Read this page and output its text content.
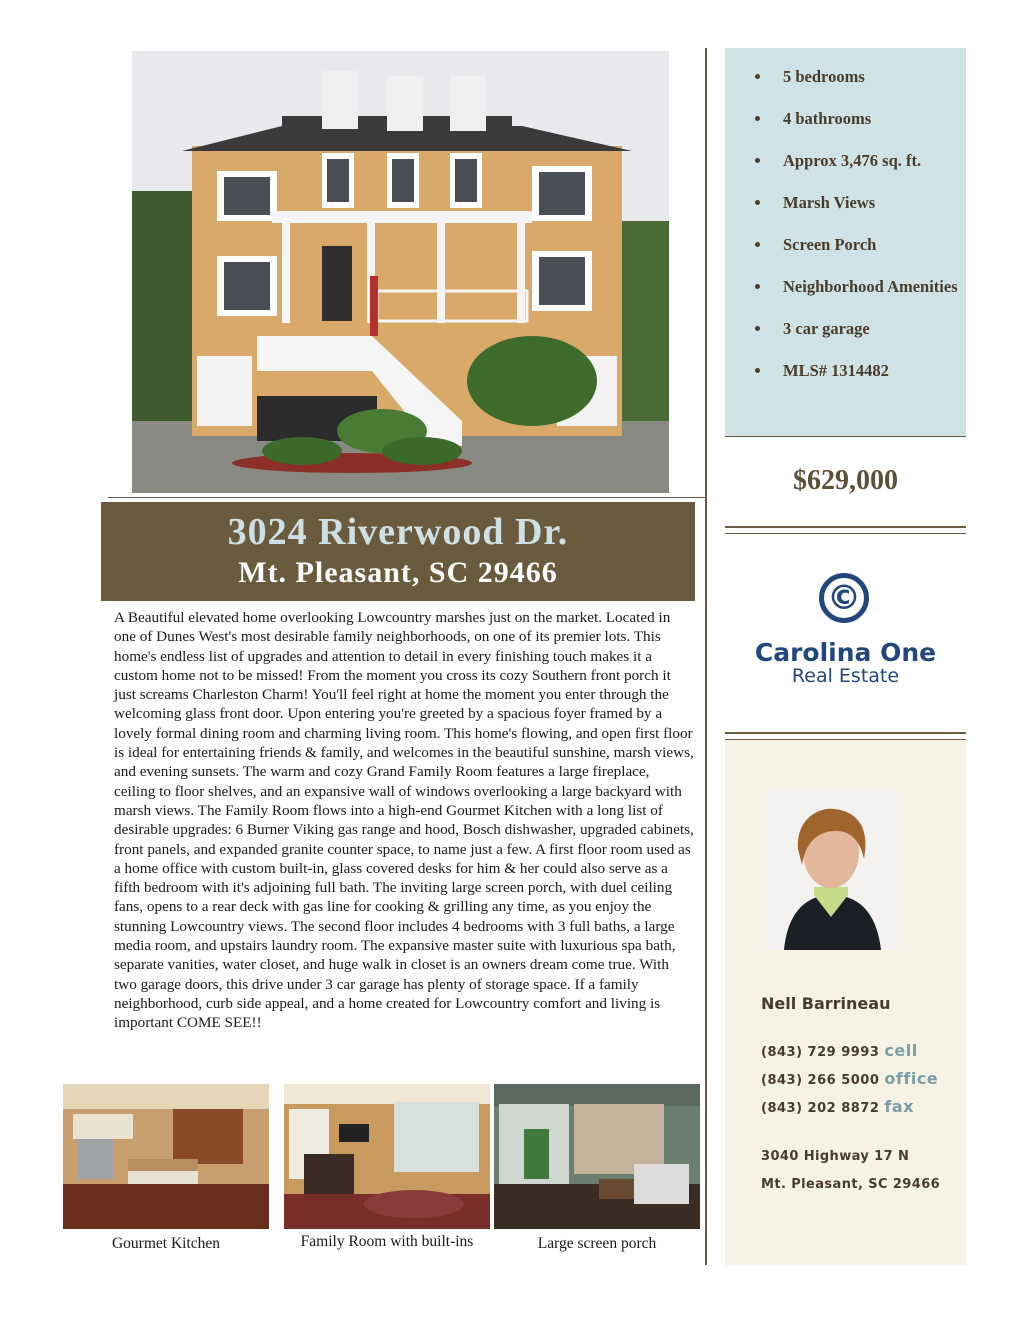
3024 Riverwood Dr.
Mt. Pleasant, SC 29466
A Beautiful elevated home overlooking Lowcountry marshes just on the market. Located in one of Dunes West's most desirable family neighborhoods, on one of its premier lots. This home's endless list of upgrades and attention to detail in every finishing touch makes it a custom home not to be missed! From the moment you cross its cozy Southern front porch it just screams Charleston Charm! You'll feel right at home the moment you enter through the welcoming glass front door. Upon entering you're greeted by a spacious foyer framed by a lovely formal dining room and charming living room. This home's flowing, and open first floor is ideal for entertaining friends & family, and welcomes in the beautiful sunshine, marsh views, and evening sunsets. The warm and cozy Grand Family Room features a large fireplace, ceiling to floor shelves, and an expansive wall of windows overlooking a large backyard with marsh views. The Family Room flows into a high-end Gourmet Kitchen with a long list of desirable upgrades: 6 Burner Viking gas range and hood, Bosch dishwasher, upgraded cabinets, front panels, and expanded granite counter space, to name just a few. A first floor room used as a home office with custom built-in, glass covered desks for him & her could also serve as a fifth bedroom with it's adjoining full bath. The inviting large screen porch, with duel ceiling fans, opens to a rear deck with gas line for cooking & grilling any time, as you enjoy the stunning Lowcountry views. The second floor includes 4 bedrooms with 3 full baths, a large media room, and upstairs laundry room. The expansive master suite with luxurious spa bath, separate vanities, water closet, and huge walk in closet is an owners dream come true. With two garage doors, this drive under 3 car garage has plenty of storage space. If a family neighborhood, curb side appeal, and a home created for Lowcountry comfort and living is important COME SEE!!
Gourmet Kitchen	Family Room with built-ins	Large screen porch
5 bedrooms
4 bathrooms
Approx 3,476 sq. ft.
Marsh Views
Screen Porch
Neighborhood Amenities
3 car garage
MLS# 1314482
$629,000
©
Carolina One
Real Estate
Nell Barrineau
(843) 729 9993 cell
(843) 266 5000 office
(843) 202 8872 fax
3040 Highway 17 N
Mt. Pleasant, SC 29466
